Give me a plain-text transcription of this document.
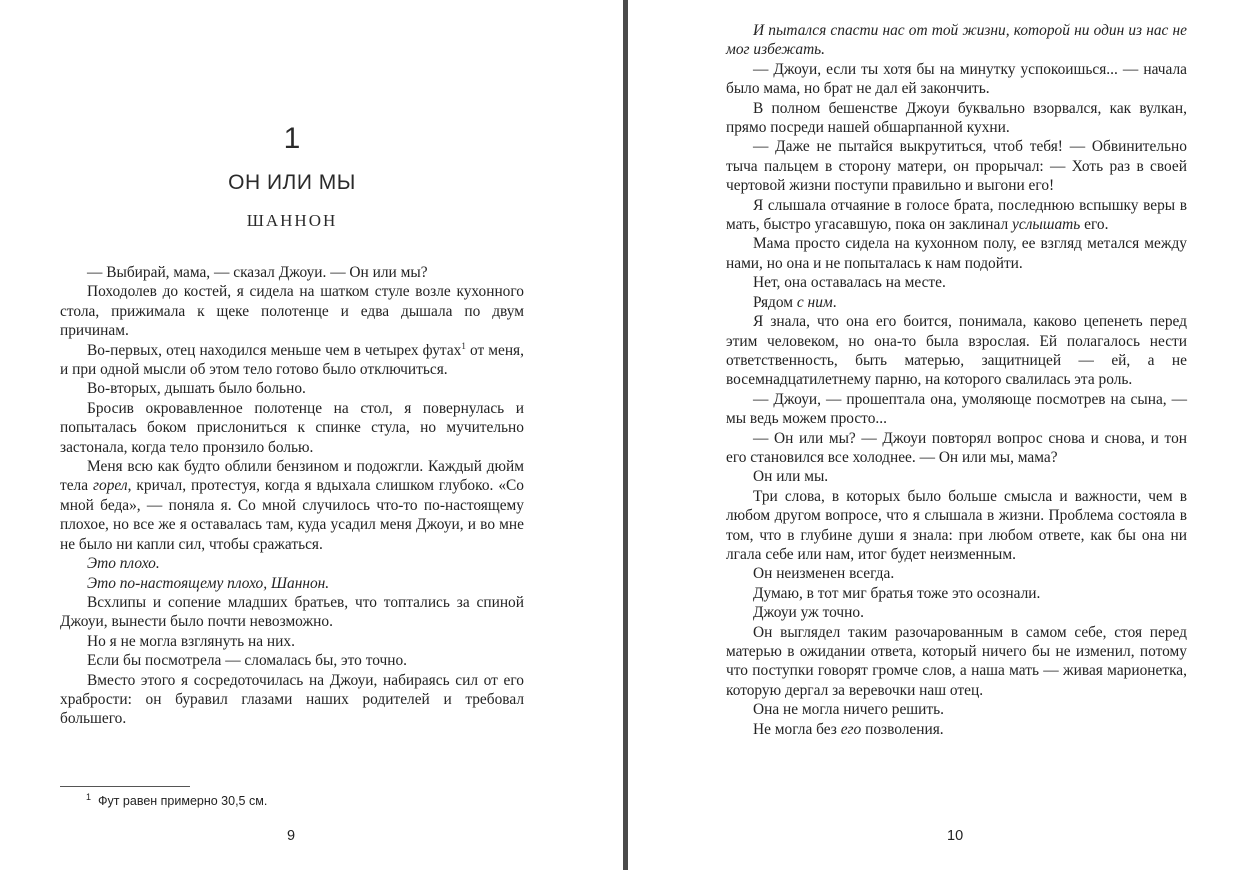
1
ОН ИЛИ МЫ
ШАННОН

— Выбирай, мама, — сказал Джоуи. — Он или мы?

Походолев до костей, я сидела на шатком стуле возле кухонного стола, прижимала к щеке полотенце и едва дышала по двум причинам.

Во-первых, отец находился меньше чем в четырех футах$^1$ от меня, и при одной мысли об этом тело готово было отключиться.

Во-вторых, дышать было больно.

Бросив окровавленное полотенце на стол, я повернулась и попыталась боком прислониться к спинке стула, но мучительно застонала, когда тело пронзило болью.

Меня всю как будто облили бензином и подожгли. Каждый дюйм тела горел, кричал, протестуя, когда я вдыхала слишком глубоко. «Со мной беда», — поняла я. Со мной случилось что-то по-настоящему плохое, но все же я оставалась там, куда усадил меня Джоуи, и во мне не было ни капли сил, чтобы сражаться.

Это плохо.

Это по-настоящему плохо, Шаннон.

Всхлипы и сопение младших братьев, что топтались за спиной Джоуи, вынести было почти невозможно.

Но я не могла взглянуть на них.

Если бы посмотрела — сломалась бы, это точно.

Вместо этого я сосредоточилась на Джоуи, набираясь сил от его храбрости: он буравил глазами наших родителей и требовал большего.

$^1$ Фут равен примерно 30,5 см.
9

И пытался спасти нас от той жизни, которой ни один из нас не мог избежать.

— Джоуи, если ты хотя бы на минутку успокоишься... — начала было мама, но брат не дал ей закончить.

В полном бешенстве Джоуи буквально взорвался, как вулкан, прямо посреди нашей обшарпанной кухни.

— Даже не пытайся выкрутиться, чтоб тебя! — Обвинительно тыча пальцем в сторону матери, он прорычал: — Хоть раз в своей чертовой жизни поступи правильно и выгони его!

Я слышала отчаяние в голосе брата, последнюю вспышку веры в мать, быстро угасавшую, пока он заклинал услышать его.

Мама просто сидела на кухонном полу, ее взгляд метался между нами, но она и не попыталась к нам подойти.

Нет, она оставалась на месте.

Рядом с ним.

Я знала, что она его боится, понимала, каково цепенеть перед этим человеком, но она-то была взрослая. Ей полагалось нести ответственность, быть матерью, защитницей — ей, а не восемнадцатилетнему парню, на которого свалилась эта роль.

— Джоуи, — прошептала она, умоляюще посмотрев на сына, — мы ведь можем просто...

— Он или мы? — Джоуи повторял вопрос снова и снова, и тон его становился все холоднее. — Он или мы, мама?

Он или мы.

Три слова, в которых было больше смысла и важности, чем в любом другом вопросе, что я слышала в жизни. Проблема состояла в том, что в глубине души я знала: при любом ответе, как бы она ни лгала себе или нам, итог будет неизменным.

Он неизменен всегда.

Думаю, в тот миг братья тоже это осознали.

Джоуи уж точно.

Он выглядел таким разочарованным в самом себе, стоя перед матерью в ожидании ответа, который ничего бы не изменил, потому что поступки говорят громче слов, а наша мать — живая марионетка, которую дергал за веревочки наш отец.

Она не могла ничего решить.

Не могла без его позволения.

10
